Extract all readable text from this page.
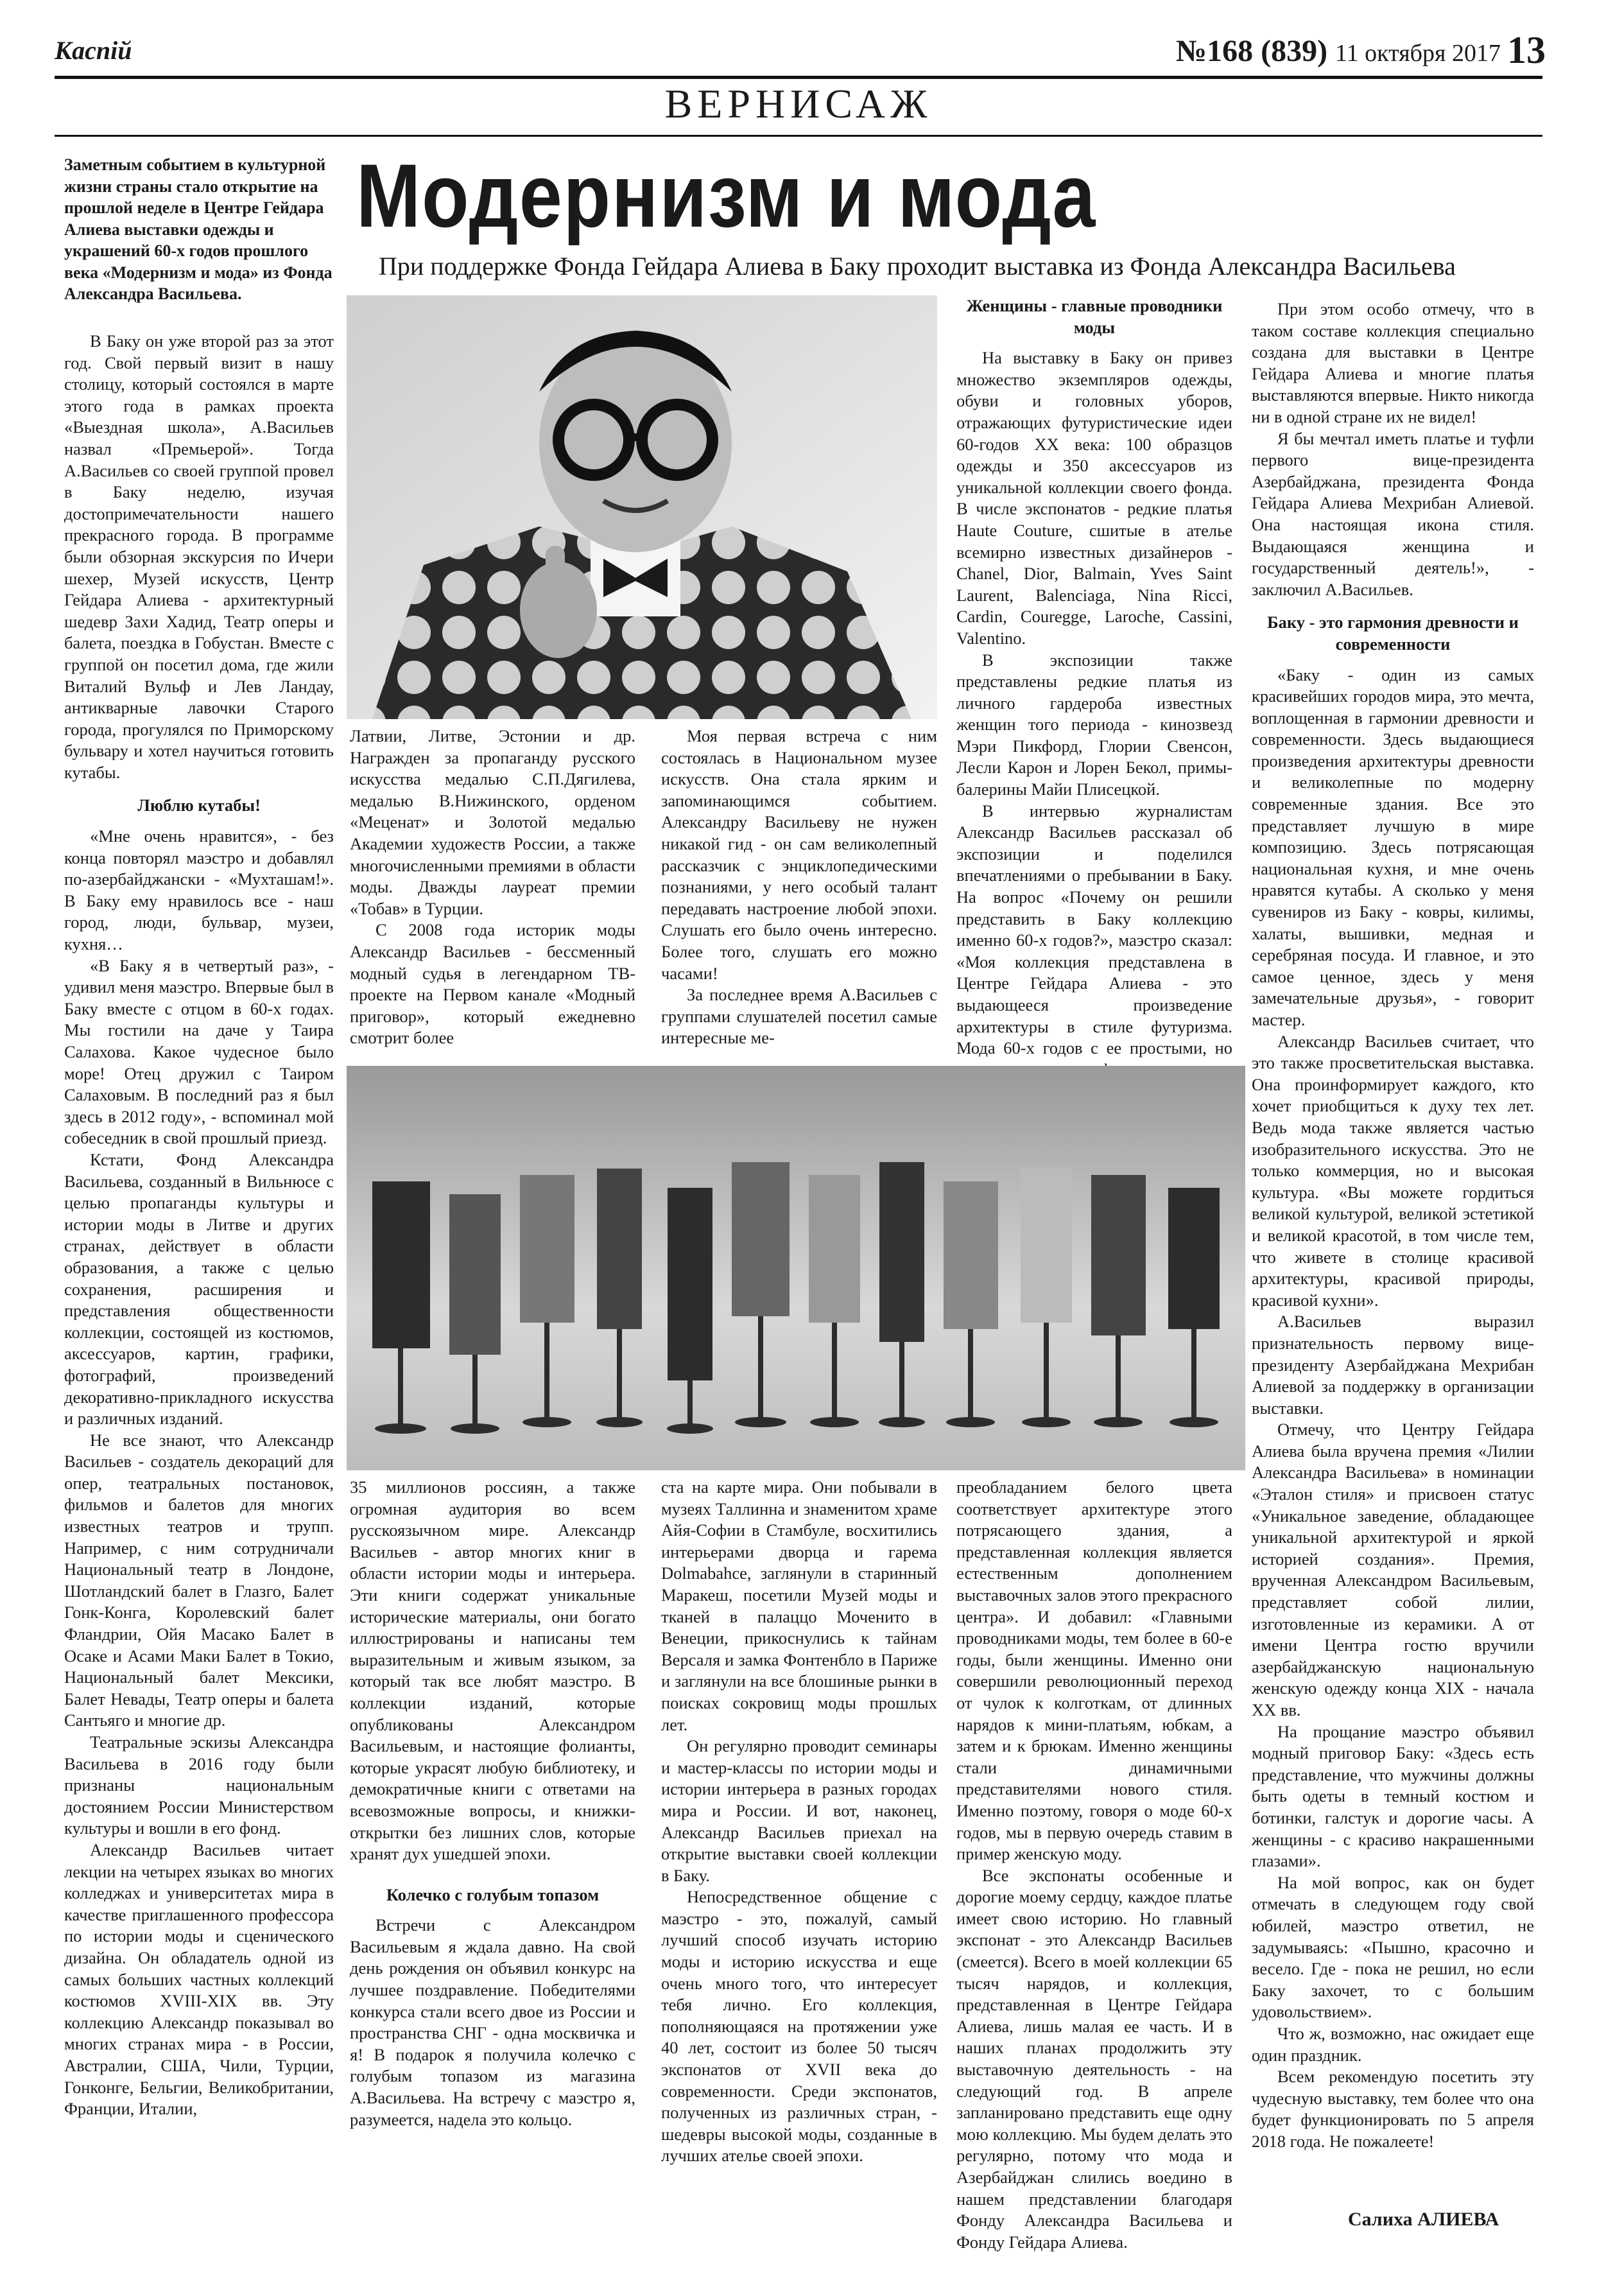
Каспiй	№168 (839) 11 октября 2017 13
ВЕРНИСАЖ
Заметным событием в культурной жизни страны стало открытие на прошлой неделе в Центре Гейдара Алиева выставки одежды и украшений 60-х годов прошлого века «Модернизм и мода» из Фонда Александра Васильева.
Модернизм и мода
При поддержке Фонда Гейдара Алиева в Баку проходит выставка из Фонда Александра Васильева

В Баку он уже второй раз за этот год. Свой первый визит в нашу столицу, который состоялся в марте этого года в рамках проекта «Выездная школа», А.Васильев назвал «Премьерой». Тогда А.Васильев со своей группой провел в Баку неделю, изучая достопримечательности нашего прекрасного города. В программе были обзорная экскурсия по Ичери шехер, Музей искусств, Центр Гейдара Алиева - архитектурный шедевр Захи Хадид, Театр оперы и балета, поездка в Гобустан. Вместе с группой он посетил дома, где жили Виталий Вульф и Лев Ландау, антикварные лавочки Старого города, прогулялся по Приморскому бульвару и хотел научиться готовить кутабы.

Люблю кутабы!

«Мне очень нравится», - без конца повторял маэстро и добавлял по-азербайджански - «Мухташам!». В Баку ему нравилось все - наш город, люди, бульвар, музеи, кухня…

«В Баку я в четвертый раз», - удивил меня маэстро. Впервые был в Баку вместе с отцом в 60-х годах. Мы гостили на даче у Таира Салахова. Какое чудесное было море! Отец дружил с Таиром Салаховым. В последний раз я был здесь в 2012 году», - вспоминал мой собеседник в свой прошлый приезд.

Кстати, Фонд Александра Васильева, созданный в Вильнюсе с целью пропаганды культуры и истории моды в Литве и других странах, действует в области образования, а также с целью сохранения, расширения и представления общественности коллекции, состоящей из костюмов, аксессуаров, картин, графики, фотографий, произведений декоративно-прикладного искусства и различных изданий.

Не все знают, что Александр Васильев - создатель декораций для опер, театральных постановок, фильмов и балетов для многих известных театров и трупп. Например, с ним сотрудничали Национальный театр в Лондоне, Шотландский балет в Глазго, Балет Гонк-Конга, Королевский балет Фландрии, Ойя Масако Балет в Осаке и Асами Маки Балет в Токио, Национальный балет Мексики, Балет Невады, Театр оперы и балета Сантьяго и многие др.

Театральные эскизы Александра Васильева в 2016 году были признаны национальным достоянием России Министерством культуры и вошли в его фонд.

Александр Васильев читает лекции на четырех языках во многих колледжах и университетах мира в качестве приглашенного профессора по истории моды и сценического дизайна. Он обладатель одной из самых больших частных коллекций костюмов XVIII-XIX вв. Эту коллекцию Александр показывал во многих странах мира - в России, Австралии, США, Чили, Турции, Гонконге, Бельгии, Великобритании, Франции, Италии,

Латвии, Литве, Эстонии и др. Награжден за пропаганду русского искусства медалью С.П.Дягилева, медалью В.Нижинского, орденом «Меценат» и Золотой медалью Академии художеств России, а также многочисленными премиями в области моды. Дважды лауреат премии «Тобав» в Турции.

С 2008 года историк моды Александр Васильев - бессменный модный судья в легендарном ТВ-проекте на Первом канале «Модный приговор», который ежедневно смотрит более

Моя первая встреча с ним состоялась в Национальном музее искусств. Она стала ярким и запоминающимся событием. Александру Васильеву не нужен никакой гид - он сам великолепный рассказчик с энциклопедическими познаниями, у него особый талант передавать настроение любой эпохи. Слушать его было очень интересно. Более того, слушать его можно часами!

За последнее время А.Васильев с группами слушателей посетил самые интересные ме-

Женщины - главные проводники моды

На выставку в Баку он привез множество экземпляров одежды, обуви и головных уборов, отражающих футуристические идеи 60-годов XX века: 100 образцов одежды и 350 аксессуаров из уникальной коллекции своего фонда. В числе экспонатов - редкие платья Haute Couture, сшитые в ателье всемирно известных дизайнеров - Chanel, Dior, Balmain, Yves Saint Laurent, Balenciaga, Nina Ricci, Cardin, Couregge, Laroche, Cassini, Valentino.

В экспозиции также представлены редкие платья из личного гардероба известных женщин того периода - кинозвезд Мэри Пикфорд, Глории Свенсон, Лесли Карон и Лорен Бекол, примы-балерины Майи Плисецкой.

В интервью журналистам Александр Васильев рассказал об экспозиции и поделился впечатлениями о пребывании в Баку. На вопрос «Почему он решили представить в Баку коллекцию именно 60-х годов?», маэстро сказал: «Моя коллекция представлена в Центре Гейдара Алиева - это выдающееся произведение архитектуры в стиле футуризма. Мода 60-х годов с ее простыми, но

При этом особо отмечу, что в таком составе коллекция специально создана для выставки в Центре Гейдара Алиева и многие платья выставляются впервые. Никто никогда ни в одной стране их не видел!

Я бы мечтал иметь платье и туфли первого вице-президента Азербайджана, президента Фонда Гейдара Алиева Мехрибан Алиевой. Она настоящая икона стиля. Выдающаяся женщина и государственный деятель!», - заключил А.Васильев.

Баку - это гармония древности и современности

«Баку - один из самых красивейших городов мира, это мечта, воплощенная в гармонии древности и современности. Здесь выдающиеся произведения архитектуры древности и великолепные по модерну современные здания. Все это представляет лучшую в мире композицию. Здесь потрясающая национальная кухня, и мне очень нравятся кутабы. А сколько у меня сувениров из Баку - ковры, килимы, халаты, вышивки, медная и серебряная посуда. И главное, и это самое ценное, здесь у меня замечательные друзья», - говорит мастер.

Александр Васильев считает, что это также просветительская выставка. Она проинформирует каждого, кто хочет приобщиться к духу тех лет. Ведь мода также является частью изобразительного искусства. Это не только коммерция, но и высокая культура. «Вы можете гордиться великой культурой, великой эстетикой и великой красотой, в том числе тем, что живете в столице красивой архитектуры, красивой природы, красивой кухни».

А.Васильев выразил признательность первому вице-президенту Азербайджана Мехрибан Алиевой за поддержку в организации выставки.

Отмечу, что Центру Гейдара Алиева была вручена премия «Лилии Александра Васильева» в номинации «Эталон стиля» и присвоен статус «Уникальное заведение, обладающее уникальной архитектурой и яркой историей создания». Премия, врученная Александром Васильевым, представляет собой лилии, изготовленные из керамики. А от имени Центра гостю вручили азербайджанскую национальную женскую одежду конца XIX - начала XX вв.

На прощание маэстро объявил модный приговор Баку: «Здесь есть представление, что мужчины должны быть одеты в темный костюм и ботинки, галстук и дорогие часы. А женщины - с красиво накрашенными глазами».

На мой вопрос, как он будет отмечать в следующем году свой юбилей, маэстро ответил, не задумываясь: «Пышно, красочно и весело. Где - пока не решил, но если Баку захочет, то с большим удовольствием».

Что ж, возможно, нас ожидает еще один праздник.

Всем рекомендую посетить эту чудесную выставку, тем более что она будет функционировать по 5 апреля 2018 года. Не пожалеете!

35 миллионов россиян, а также огромная аудитория во всем русскоязычном мире. Александр Васильев - автор многих книг в области истории моды и интерьера. Эти книги содержат уникальные исторические материалы, они богато иллюстрированы и написаны тем выразительным и живым языком, за который так все любят маэстро. В коллекции изданий, которые опубликованы Александром Васильевым, и настоящие фолианты, которые украсят любую библиотеку, и демократичные книги с ответами на всевозможные вопросы, и книжки-открытки без лишних слов, которые хранят дух ушедшей эпохи.

Колечко с голубым топазом

Встречи с Александром Васильевым я ждала давно. На свой день рождения он объявил конкурс на лучшее поздравление. Победителями конкурса стали всего двое из России и пространства СНГ - одна москвичка и я! В подарок я получила колечко с голубым топазом из магазина А.Васильева. На встречу с маэстро я, разумеется, надела это кольцо.

ста на карте мира. Они побывали в музеях Таллинна и знаменитом храме Айя-Софии в Стамбуле, восхитились интерьерами дворца и гарема Dolmabahce, заглянули в старинный Маракеш, посетили Музей моды и тканей в палаццо Моченито в Венеции, прикоснулись к тайнам Версаля и замка Фонтенбло в Париже и заглянули на все блошиные рынки в поисках сокровищ моды прошлых лет.

Он регулярно проводит семинары и мастер-классы по истории моды и истории интерьера в разных городах мира и России. И вот, наконец, Александр Васильев приехал на открытие выставки своей коллекции в Баку.

Непосредственное общение с маэстро - это, пожалуй, самый лучший способ изучать историю моды и историю искусства и еще очень много того, что интересует тебя лично. Его коллекция, пополняющаяся на протяжении уже 40 лет, состоит из более 50 тысяч экспонатов от XVII века до современности. Среди экспонатов, полученных из различных стран, - шедевры высокой моды, созданные в лучших ателье своей эпохи.

преобладанием белого цвета соответствует архитектуре этого потрясающего здания, а представленная коллекция является естественным дополнением выставочных залов этого прекрасного центра». И добавил: «Главными проводниками моды, тем более в 60-е годы, были женщины. Именно они совершили революционный переход от чулок к колготкам, от длинных нарядов к мини-платьям, юбкам, а затем и к брюкам. Именно женщины стали динамичными представителями нового стиля. Именно поэтому, говоря о моде 60-х годов, мы в первую очередь ставим в пример женскую моду.

Все экспонаты особенные и дорогие моему сердцу, каждое платье имеет свою историю. Но главный экспонат - это Александр Васильев (смеется). Всего в моей коллекции 65 тысяч нарядов, и коллекция, представленная в Центре Гейдара Алиева, лишь малая ее часть. И в наших планах продолжить эту выставочную деятельность - на следующий год. В апреле запланировано представить еще одну мою коллекцию. Мы будем делать это регулярно, потому что мода и Азербайджан слились воедино в нашем представлении благодаря Фонду Александра Васильева и Фонду Гейдара Алиева.

Салиха АЛИЕВА
